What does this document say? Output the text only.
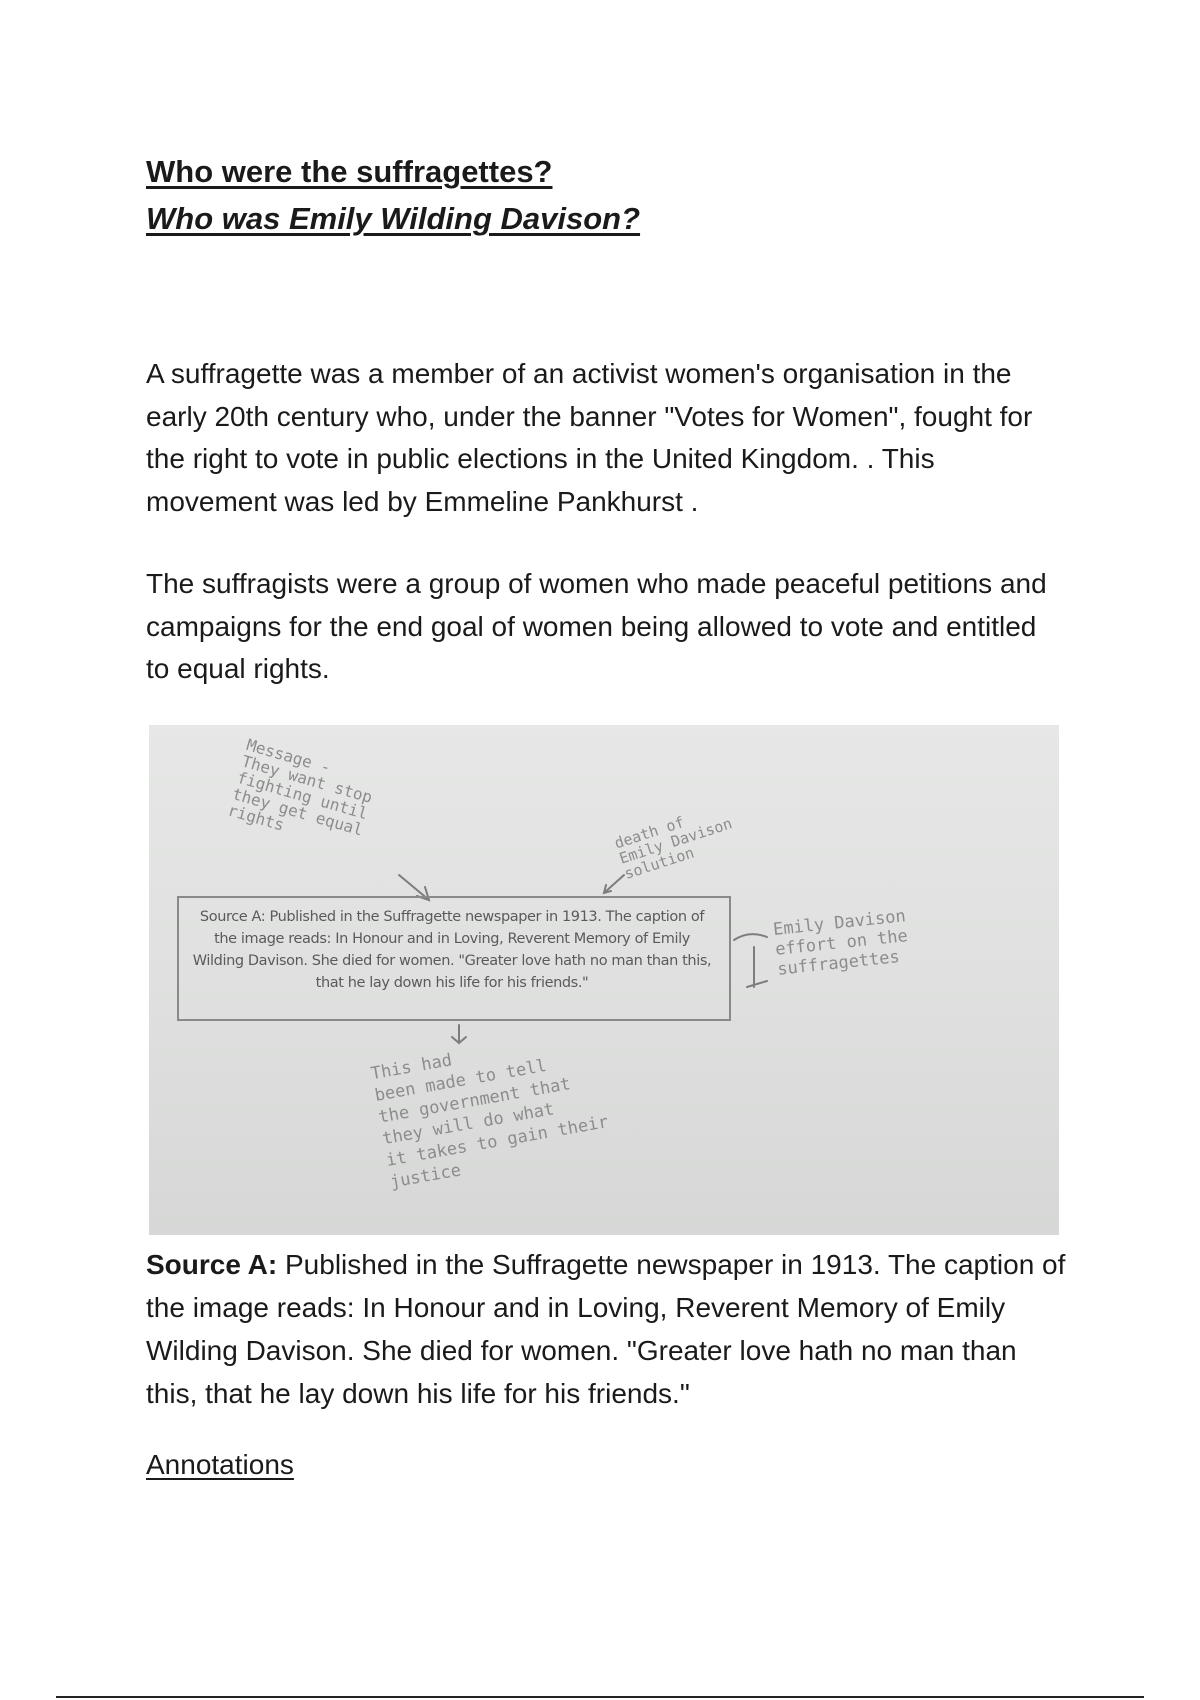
Who were the suffragettes?
Who was Emily Wilding Davison?

A suffragette was a member of an activist women's organisation in the early 20th century who, under the banner "Votes for Women", fought for the right to vote in public elections in the United Kingdom. . This movement was led by Emmeline Pankhurst .

The suffragists were a group of women who made peaceful petitions and campaigns for the end goal of women being allowed to vote and entitled to equal rights.

Source A: Published in the Suffragette newspaper in 1913. The caption of the image reads: In Honour and in Loving, Reverent Memory of Emily Wilding Davison. She died for women. "Greater love hath no man than this, that he lay down his life for his friends."
Message -
They want stop
fighting until
they get equal
rights	death of
Emily Davison
solution
Emily Davison
effort on the
suffragettes
This had
been made to tell
the government that
they will do what
it takes to gain their
justice

Source A: Published in the Suffragette newspaper in 1913. The caption of the image reads: In Honour and in Loving, Reverent Memory of Emily Wilding Davison. She died for women. "Greater love hath no man than this, that he lay down his life for his friends."

Annotations
